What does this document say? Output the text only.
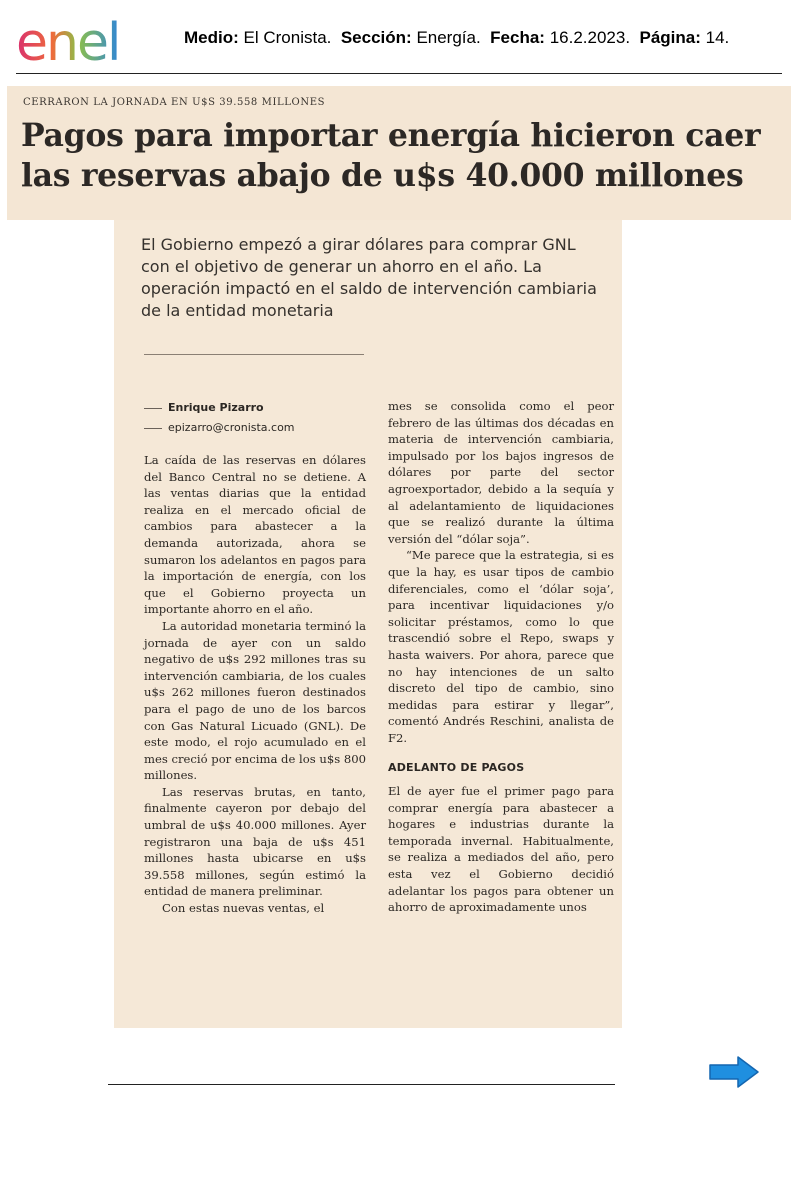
enel	Medio: El Cronista. Sección: Energía. Fecha: 16.2.2023. Página: 14.
CERRARON LA JORNADA EN U$S 39.558 MILLONES
Pagos para importar energía hicieron caer las reservas abajo de u$s 40.000 millones

El Gobierno empezó a girar dólares para comprar GNL con el objetivo de generar un ahorro en el año. La operación impactó en el saldo de intervención cambiaria de la entidad monetaria

Enrique Pizarro
epizarro@cronista.com

La caída de las reservas en dólares del Banco Central no se detiene. A las ventas diarias que la entidad realiza en el mercado oficial de cambios para abastecer a la demanda autorizada, ahora se sumaron los adelantos en pagos para la importación de energía, con los que el Gobierno proyecta un importante ahorro en el año.

La autoridad monetaria terminó la jornada de ayer con un saldo negativo de u$s 292 millones tras su intervención cambiaria, de los cuales u$s 262 millones fueron destinados para el pago de uno de los barcos con Gas Natural Licuado (GNL). De este modo, el rojo acumulado en el mes creció por encima de los u$s 800 millones.

Las reservas brutas, en tanto, finalmente cayeron por debajo del umbral de u$s 40.000 millones. Ayer registraron una baja de u$s 451 millones hasta ubicarse en u$s 39.558 millones, según estimó la entidad de manera preliminar.

Con estas nuevas ventas, el

mes se consolida como el peor febrero de las últimas dos décadas en materia de intervención cambiaria, impulsado por los bajos ingresos de dólares por parte del sector agroexportador, debido a la sequía y al adelantamiento de liquidaciones que se realizó durante la última versión del “dólar soja”.

“Me parece que la estrategia, si es que la hay, es usar tipos de cambio diferenciales, como el ‘dólar soja’, para incentivar liquidaciones y/o solicitar préstamos, como lo que trascendió sobre el Repo, swaps y hasta waivers. Por ahora, parece que no hay intenciones de un salto discreto del tipo de cambio, sino medidas para estirar y llegar”, comentó Andrés Reschini, analista de F2.

ADELANTO DE PAGOS

El de ayer fue el primer pago para comprar energía para abastecer a hogares e industrias durante la temporada invernal. Habitualmente, se realiza a mediados del año, pero esta vez el Gobierno decidió adelantar los pagos para obtener un ahorro de aproximadamente unos
